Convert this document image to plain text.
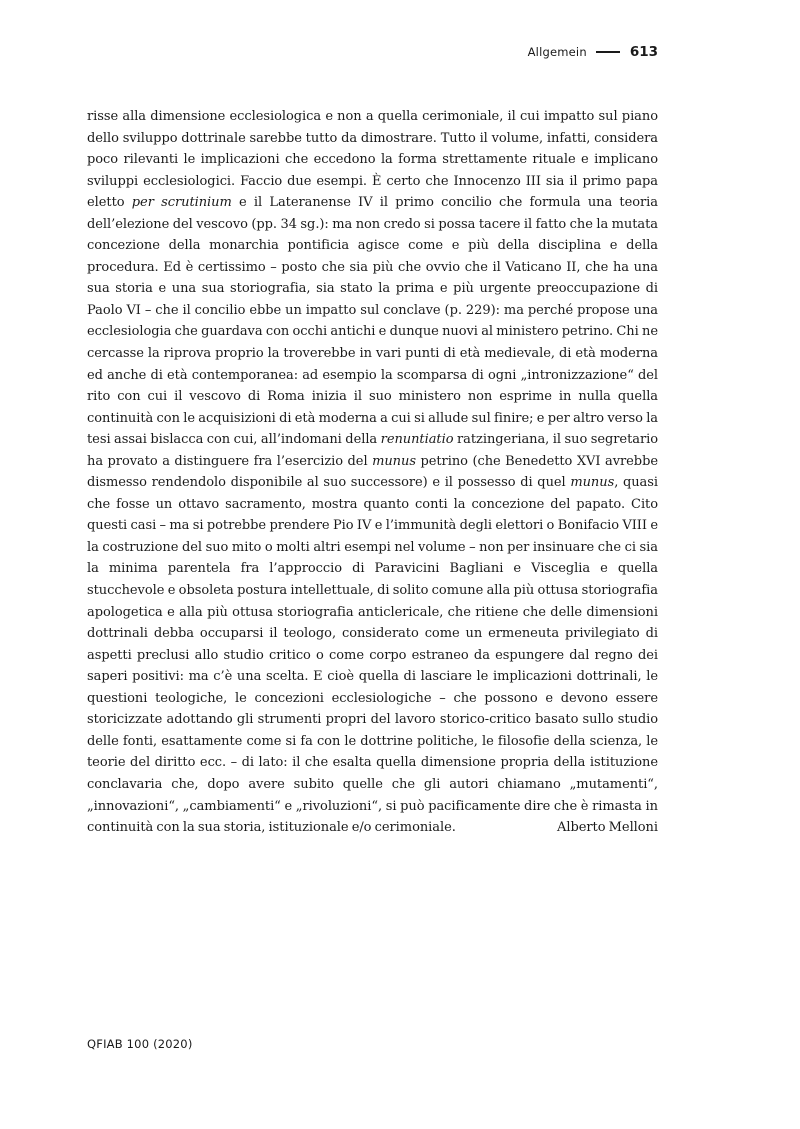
Allgemein	613

risse alla dimensione ecclesiologica e non a quella cerimoniale, il cui impatto sul piano dello sviluppo dottrinale sarebbe tutto da dimostrare. Tutto il volume, infatti, considera poco rilevanti le implicazioni che eccedono la forma strettamente rituale e implicano sviluppi ecclesiologici. Faccio due esempi. È certo che Innocenzo III sia il primo papa eletto per scrutinium e il Lateranense IV il primo concilio che formula una teoria dell’elezione del vescovo (pp. 34 sg.): ma non credo si possa tacere il fatto che la mutata concezione della monarchia pontificia agisce come e più della disciplina e della procedura. Ed è certissimo – posto che sia più che ovvio che il Vaticano II, che ha una sua storia e una sua storiografia, sia stato la prima e più urgente preoccupazione di Paolo VI – che il concilio ebbe un impatto sul conclave (p. 229): ma perché propose una ecclesiologia che guardava con occhi antichi e dunque nuovi al ministero petrino. Chi ne cercasse la riprova proprio la troverebbe in vari punti di età medievale, di età moderna ed anche di età contemporanea: ad esempio la scomparsa di ogni „intronizzazione“ del rito con cui il vescovo di Roma inizia il suo ministero non esprime in nulla quella continuità con le acquisizioni di età moderna a cui si allude sul finire; e per altro verso la tesi assai bislacca con cui, all’indomani della renuntiatio ratzingeriana, il suo segretario ha provato a distinguere fra l’esercizio del munus petrino (che Benedetto XVI avrebbe dismesso rendendolo disponibile al suo successore) e il possesso di quel munus, quasi che fosse un ottavo sacramento, mostra quanto conti la concezione del papato. Cito questi casi – ma si potrebbe prendere Pio IV e l’immunità degli elettori o Bonifacio VIII e la costruzione del suo mito o molti altri esempi nel volume – non per insinuare che ci sia la minima parentela fra l’approccio di Paravicini Bagliani e Visceglia e quella stucchevole e obsoleta postura intellettuale, di solito comune alla più ottusa storiografia apologetica e alla più ottusa storiografia anticlericale, che ritiene che delle dimensioni dottrinali debba occuparsi il teologo, considerato come un ermeneuta privilegiato di aspetti preclusi allo studio critico o come corpo estraneo da espungere dal regno dei saperi positivi: ma c’è una scelta. E cioè quella di lasciare le implicazioni dottrinali, le questioni teologiche, le concezioni ecclesiologiche – che possono e devono essere storicizzate adottando gli strumenti propri del lavoro storico-critico basato sullo studio delle fonti, esattamente come si fa con le dottrine politiche, le filosofie della scienza, le teorie del diritto ecc. – di lato: il che esalta quella dimensione propria della istituzione conclavaria che, dopo avere subito quelle che gli autori chiamano „mutamenti“, „innovazioni“, „cambiamenti“ e „rivoluzioni“, si può pacificamente dire che è rimasta in continuità con la sua storia, istituzionale e/o cerimoniale.	Alberto Melloni

QFIAB 100 (2020)
